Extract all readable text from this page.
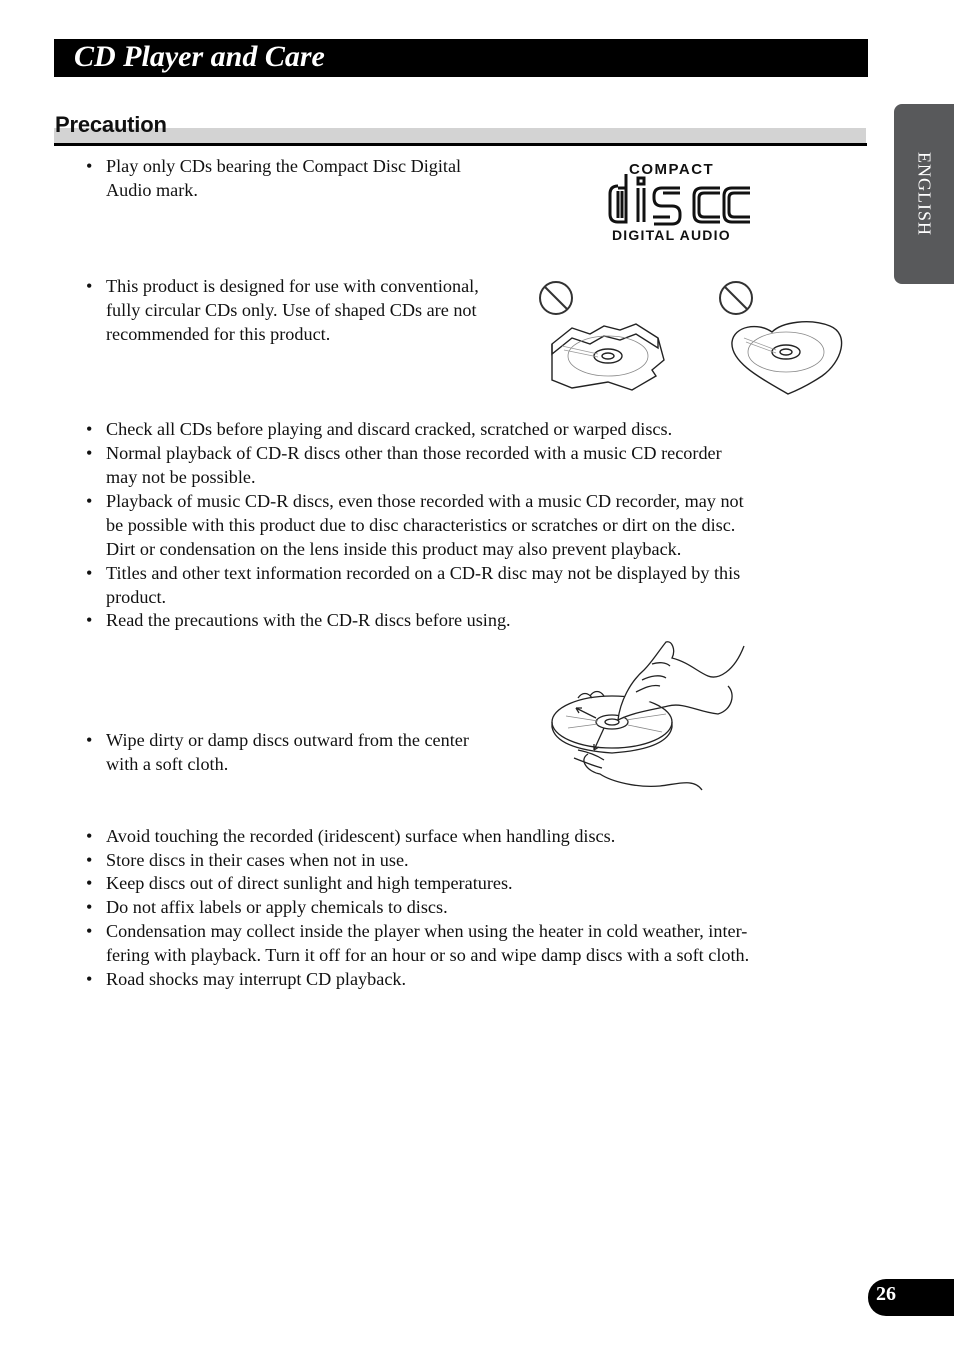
CD Player and Care
Precaution
ENGLISH
• Play only CDs bearing the Compact Disc Digital
Audio mark.
COMPACT
DIGITAL AUDIO
• This product is designed for use with conventional,
fully circular CDs only. Use of shaped CDs are not
recommended for this product.
• Check all CDs before playing and discard cracked, scratched or warped discs.
• Normal playback of CD-R discs other than those recorded with a music CD recorder
may not be possible.
• Playback of music CD-R discs, even those recorded with a music CD recorder, may not
be possible with this product due to disc characteristics or scratches or dirt on the disc.
Dirt or condensation on the lens inside this product may also prevent playback.
• Titles and other text information recorded on a CD-R disc may not be displayed by this
product.
• Read the precautions with the CD-R discs before using.
• Wipe dirty or damp discs outward from the center
with a soft cloth.
• Avoid touching the recorded (iridescent) surface when handling discs.
• Store discs in their cases when not in use.
• Keep discs out of direct sunlight and high temperatures.
• Do not affix labels or apply chemicals to discs.
• Condensation may collect inside the player when using the heater in cold weather, inter-
fering with playback. Turn it off for an hour or so and wipe damp discs with a soft cloth.
• Road shocks may interrupt CD playback.
26
